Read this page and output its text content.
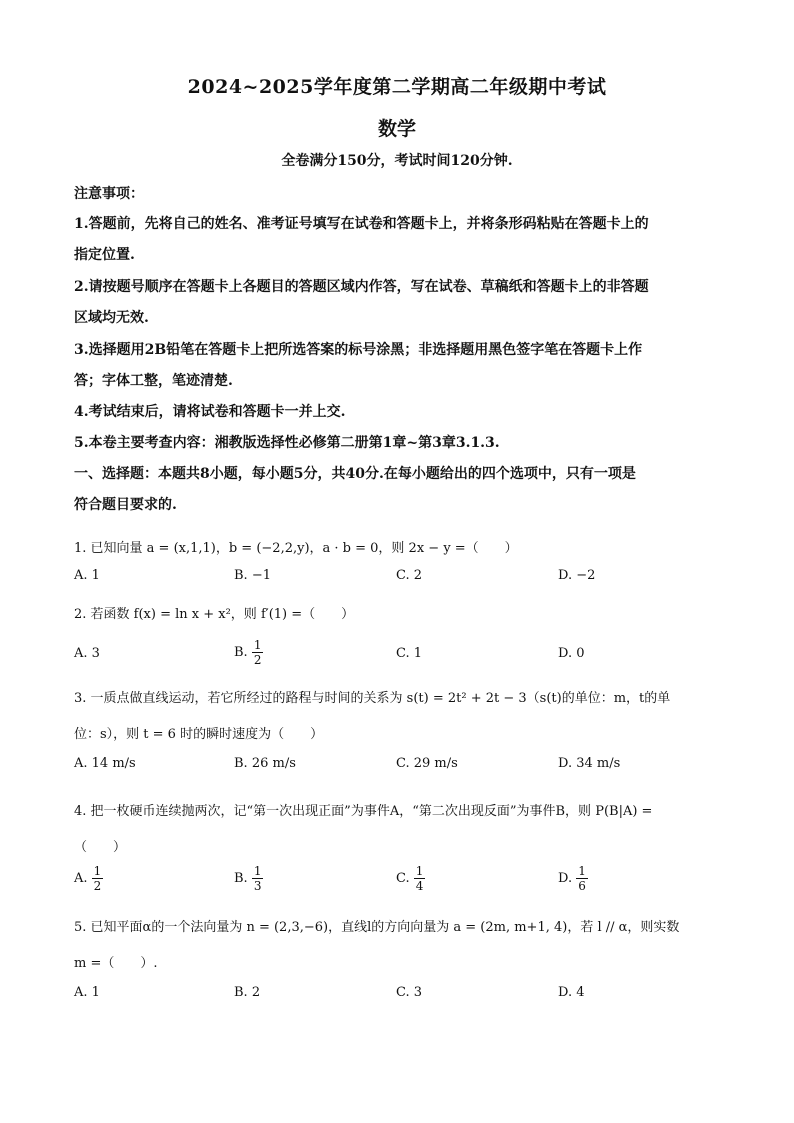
2024~2025学年度第二学期高二年级期中考试
数学
全卷满分150分，考试时间120分钟.
注意事项：
1.答题前，先将自己的姓名、准考证号填写在试卷和答题卡上，并将条形码粘贴在答题卡上的
指定位置.
2.请按题号顺序在答题卡上各题目的答题区域内作答，写在试卷、草稿纸和答题卡上的非答题
区域均无效.
3.选择题用2B铅笔在答题卡上把所选答案的标号涂黑；非选择题用黑色签字笔在答题卡上作
答；字体工整，笔迹清楚.
4.考试结束后，请将试卷和答题卡一并上交.
5.本卷主要考查内容：湘教版选择性必修第二册第1章~第3章3.1.3.
一、选择题：本题共8小题，每小题5分，共40分.在每小题给出的四个选项中，只有一项是
符合题目要求的.
1. 已知向量 a = (x,1,1)，b = (−2,2,y)，a · b = 0，则 2x − y =（　　）
A. 1	B. −1	C. 2	D. −2
2. 若函数 f(x) = ln x + x²，则 f′(1) =（　　）
A. 3	B. $\frac{1}{2}$	C. 1	D. 0
3. 一质点做直线运动，若它所经过的路程与时间的关系为 s(t) = 2t² + 2t − 3（s(t)的单位：m，t的单
位：s），则 t = 6 时的瞬时速度为（　　）
A. 14 m/s	B. 26 m/s	C. 29 m/s	D. 34 m/s
4. 把一枚硬币连续抛两次，记“第一次出现正面”为事件A，“第二次出现反面”为事件B，则 P(B|A) =
（　　）
A. $\frac{1}{2}$	B. $\frac{1}{3}$	C. $\frac{1}{4}$	D. $\frac{1}{6}$
5. 已知平面α的一个法向量为 n = (2,3,−6)，直线l的方向向量为 a = (2m, m+1, 4)，若 l // α，则实数
m =（　　）.
A. 1	B. 2	C. 3	D. 4
